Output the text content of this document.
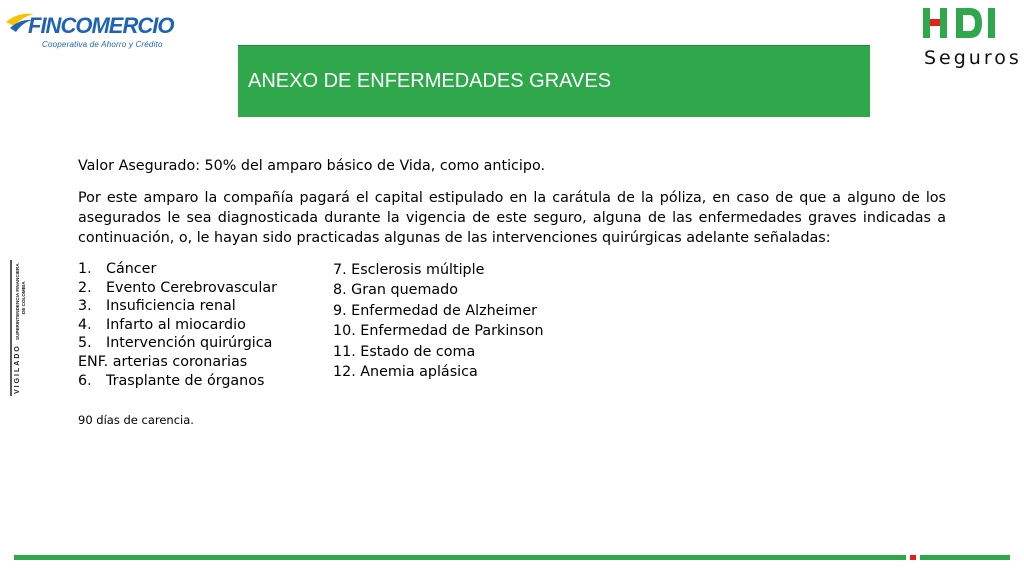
FINCOMERCIO
Cooperativa de Ahorro y Crédito
HDI
Seguros
ANEXO DE ENFERMEDADES GRAVES
VIGILADO
SUPERINTENDENCIA FINANCIERA DE COLOMBIA

Valor Asegurado: 50% del amparo básico de Vida, como anticipo.

Por este amparo la compañía pagará el capital estipulado en la carátula de la póliza, en caso de que a alguno de los asegurados le sea diagnosticada durante la vigencia de este seguro, alguna de las enfermedades graves indicadas a continuación, o, le hayan sido practicadas algunas de las intervenciones quirúrgicas adelante señaladas:

1. Cáncer
2. Evento Cerebrovascular
3. Insuficiencia renal
4. Infarto al miocardio
5. Intervención quirúrgica
ENF. arterias coronarias
6. Trasplante de órganos
7. Esclerosis múltiple
8. Gran quemado
9. Enfermedad de Alzheimer
10. Enfermedad de Parkinson
11. Estado de coma
12. Anemia aplásica
90 días de carencia.
